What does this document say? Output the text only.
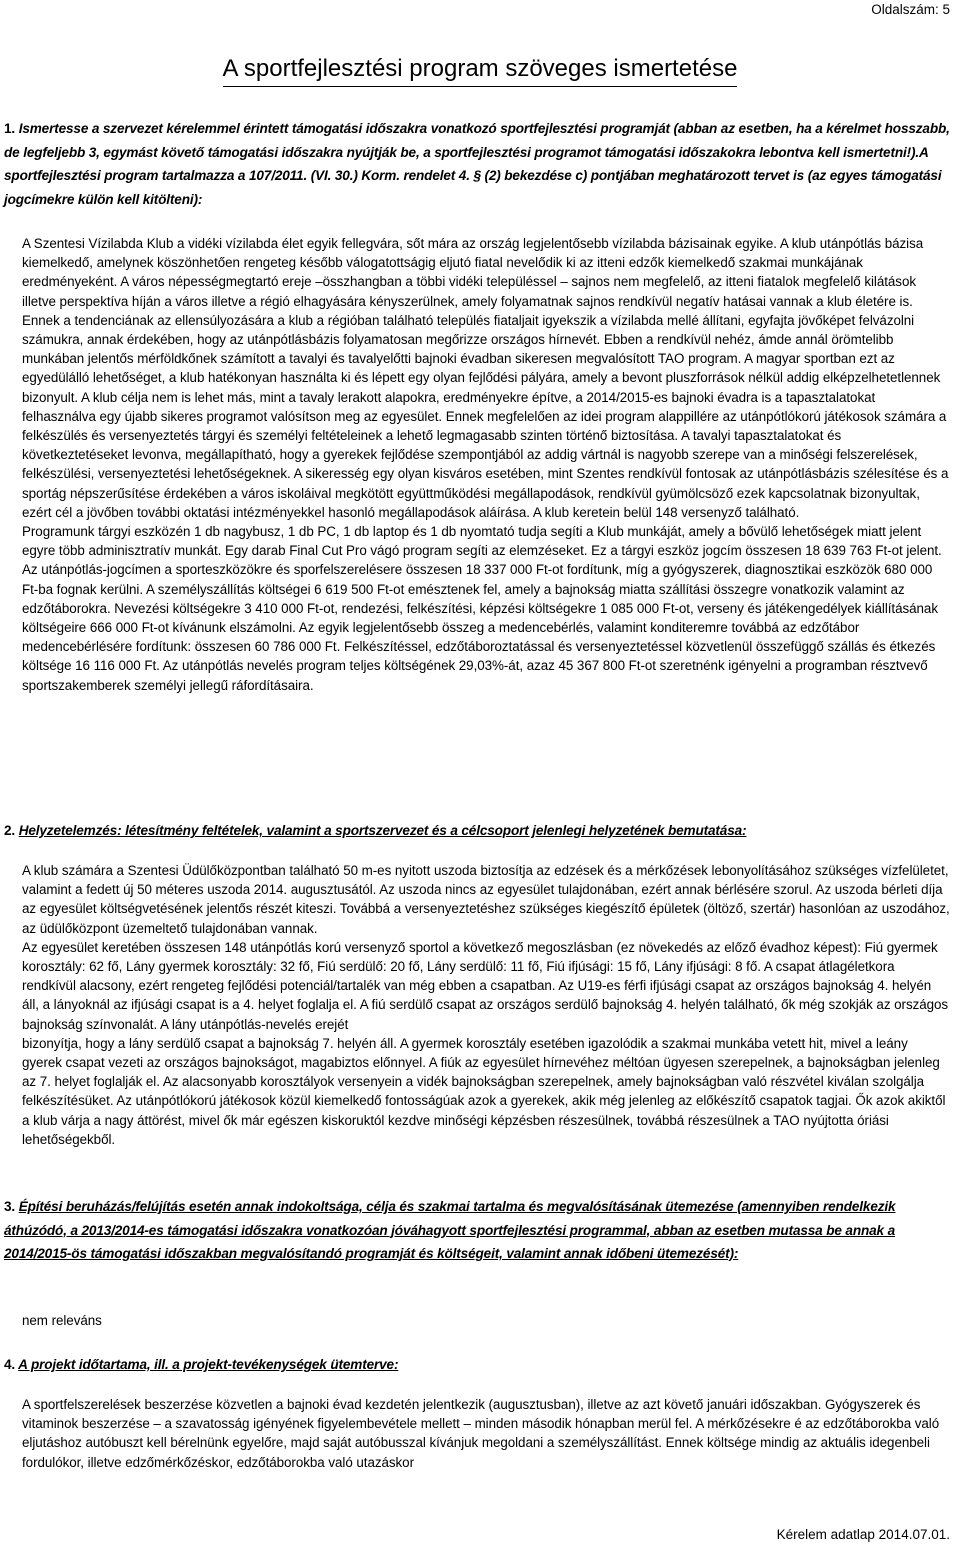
Oldalszám: 5
A sportfejlesztési program szöveges ismertetése
1. Ismertesse a szervezet kérelemmel érintett támogatási időszakra vonatkozó sportfejlesztési programját (abban az esetben, ha a kérelmet hosszabb, de legfeljebb 3, egymást követő támogatási időszakra nyújtják be, a sportfejlesztési programot támogatási időszakokra lebontva kell ismertetni!).A sportfejlesztési program tartalmazza a 107/2011. (VI. 30.) Korm. rendelet 4. § (2) bekezdése c) pontjában meghatározott tervet is (az egyes támogatási jogcímekre külön kell kitölteni):

A Szentesi Vízilabda Klub a vidéki vízilabda élet egyik fellegvára, sőt mára az ország legjelentősebb vízilabda bázisainak egyike. A klub utánpótlás bázisa kiemelkedő, amelynek köszönhetően rengeteg később válogatottságig eljutó fiatal nevelődik ki az itteni edzők kiemelkedő szakmai munkájának eredményeként. A város népességmegtartó ereje –összhangban a többi vidéki településsel – sajnos nem megfelelő, az itteni fiatalok megfelelő kilátások illetve perspektíva híján a város illetve a régió elhagyására kényszerülnek, amely folyamatnak sajnos rendkívül negatív hatásai vannak a klub életére is. Ennek a tendenciának az ellensúlyozására a klub a régióban található település fiataljait igyekszik a vízilabda mellé állítani, egyfajta jövőképet felvázolni számukra, annak érdekében, hogy az utánpótlásbázis folyamatosan megőrizze országos hírnevét. Ebben a rendkívül nehéz, ámde annál örömtelibb munkában jelentős mérföldkőnek számított a tavalyi és tavalyelőtti bajnoki évadban sikeresen megvalósított TAO program. A magyar sportban ezt az egyedülálló lehetőséget, a klub hatékonyan használta ki és lépett egy olyan fejlődési pályára, amely a bevont pluszforrások nélkül addig elképzelhetetlennek bizonyult. A klub célja nem is lehet más, mint a tavaly lerakott alapokra, eredményekre építve, a 2014/2015-es bajnoki évadra is a tapasztalatokat felhasználva egy újabb sikeres programot valósítson meg az egyesület. Ennek megfelelően az idei program alappillére az utánpótlókorú játékosok számára a felkészülés és versenyeztetés tárgyi és személyi feltételeinek a lehető legmagasabb szinten történő biztosítása. A tavalyi tapasztalatokat és következtetéseket levonva, megállapítható, hogy a gyerekek fejlődése szempontjából az addig vártnál is nagyobb szerepe van a minőségi felszerelések, felkészülési, versenyeztetési lehetőségeknek. A sikeresség egy olyan kisváros esetében, mint Szentes rendkívül fontosak az utánpótlásbázis szélesítése és a sportág népszerűsítése érdekében a város iskoláival megkötött együttműködési megállapodások, rendkívül gyümölcsöző ezek kapcsolatnak bizonyultak, ezért cél a jövőben további oktatási intézményekkel hasonló megállapodások aláírása. A klub keretein belül 148 versenyző található.

Programunk tárgyi eszközén 1 db nagybusz, 1 db PC, 1 db laptop és 1 db nyomtató tudja segíti a Klub munkáját, amely a bővülő lehetőségek miatt jelent egyre több adminisztratív munkát. Egy darab Final Cut Pro vágó program segíti az elemzéseket. Ez a tárgyi eszköz jogcím összesen 18 639 763 Ft-ot jelent.

Az utánpótlás-jogcímen a sporteszközökre és sporfelszerelésere összesen 18 337 000 Ft-ot fordítunk, míg a gyógyszerek, diagnosztikai eszközök 680 000 Ft-ba fognak kerülni. A személyszállítás költségei 6 619 500 Ft-ot emésztenek fel, amely a bajnokság miatta szállítási összegre vonatkozik valamint az edzőtáborokra. Nevezési költségekre 3 410 000 Ft-ot, rendezési, felkészítési, képzési költségekre 1 085 000 Ft-ot, verseny és játékengedélyek kiállításának költségeire 666 000 Ft-ot kívánunk elszámolni. Az egyik legjelentősebb összeg a medencebérlés, valamint konditeremre továbbá az edzőtábor medencebérlésére fordítunk: összesen 60 786 000 Ft. Felkészítéssel, edzőtáboroztatással és versenyeztetéssel közvetlenül összefüggő szállás és étkezés költsége 16 116 000 Ft. Az utánpótlás nevelés program teljes költségének 29,03%-át, azaz 45 367 800 Ft-ot szeretnénk igényelni a programban résztvevő sportszakemberek személyi jellegű ráfordításaira.

2. Helyzetelemzés: létesítmény feltételek, valamint a sportszervezet és a célcsoport jelenlegi helyzetének bemutatása:

A klub számára a Szentesi Üdülőközpontban található 50 m-es nyitott uszoda biztosítja az edzések és a mérkőzések lebonyolításához szükséges vízfelületet, valamint a fedett új 50 méteres uszoda 2014. augusztusától. Az uszoda nincs az egyesület tulajdonában, ezért annak bérlésére szorul. Az uszoda bérleti díja az egyesület költségvetésének jelentős részét kiteszi. Továbbá a versenyeztetéshez szükséges kiegészítő épületek (öltöző, szertár) hasonlóan az uszodához, az üdülőközpont üzemeltető tulajdonában vannak.

Az egyesület keretében összesen 148 utánpótlás korú versenyző sportol a következő megoszlásban (ez növekedés az előző évadhoz képest): Fiú gyermek korosztály: 62 fő, Lány gyermek korosztály: 32 fő, Fiú serdülő: 20 fő, Lány serdülő: 11 fő, Fiú ifjúsági: 15 fő, Lány ifjúsági: 8 fő. A csapat átlagéletkora rendkívül alacsony, ezért rengeteg fejlődési potenciál/tartalék van még ebben a csapatban. Az U19-es férfi ifjúsági csapat az országos bajnokság 4. helyén áll, a lányoknál az ifjúsági csapat is a 4. helyet foglalja el. A fiú serdülő csapat az országos serdülő bajnokság 4. helyén található, ők még szokják az országos bajnokság színvonalát. A lány utánpótlás-nevelés erejét

bizonyítja, hogy a lány serdülő csapat a bajnokság 7. helyén áll. A gyermek korosztály esetében igazolódik a szakmai munkába vetett hit, mivel a leány gyerek csapat vezeti az országos bajnokságot, magabiztos előnnyel. A fiúk az egyesület hírnevéhez méltóan ügyesen szerepelnek, a bajnokságban jelenleg az 7. helyet foglalják el. Az alacsonyabb korosztályok versenyein a vidék bajnokságban szerepelnek, amely bajnokságban való részvétel kiválan szolgálja felkészítésüket. Az utánpótlókorú játékosok közül kiemelkedő fontosságúak azok a gyerekek, akik még jelenleg az előkészítő csapatok tagjai. Ők azok akiktől a klub várja a nagy áttörést, mivel ők már egészen kiskoruktól kezdve minőségi képzésben részesülnek, továbbá részesülnek a TAO nyújtotta óriási lehetőségekből.

3. Építési beruházás/felújítás esetén annak indokoltsága, célja és szakmai tartalma és megvalósításának ütemezése (amennyiben rendelkezik áthúzódó, a 2013/2014-es támogatási időszakra vonatkozóan jóváhagyott sportfejlesztési programmal, abban az esetben mutassa be annak a 2014/2015-ös támogatási időszakban megvalósítandó programját és költségeit, valamint annak időbeni ütemezését):

nem releváns

4. A projekt időtartama, ill. a projekt-tevékenységek ütemterve:

A sportfelszerelések beszerzése közvetlen a bajnoki évad kezdetén jelentkezik (augusztusban), illetve az azt követő januári időszakban. Gyógyszerek és vitaminok beszerzése – a szavatosság igényének figyelembevétele mellett – minden második hónapban merül fel. A mérkőzésekre é az edzőtáborokba való eljutáshoz autóbuszt kell bérelnünk egyelőre, majd saját autóbusszal kívánjuk megoldani a személyszállítást. Ennek költsége mindig az aktuális idegenbeli fordulókor, illetve edzőmérkőzéskor, edzőtáborokba való utazáskor

Kérelem adatlap 2014.07.01.
